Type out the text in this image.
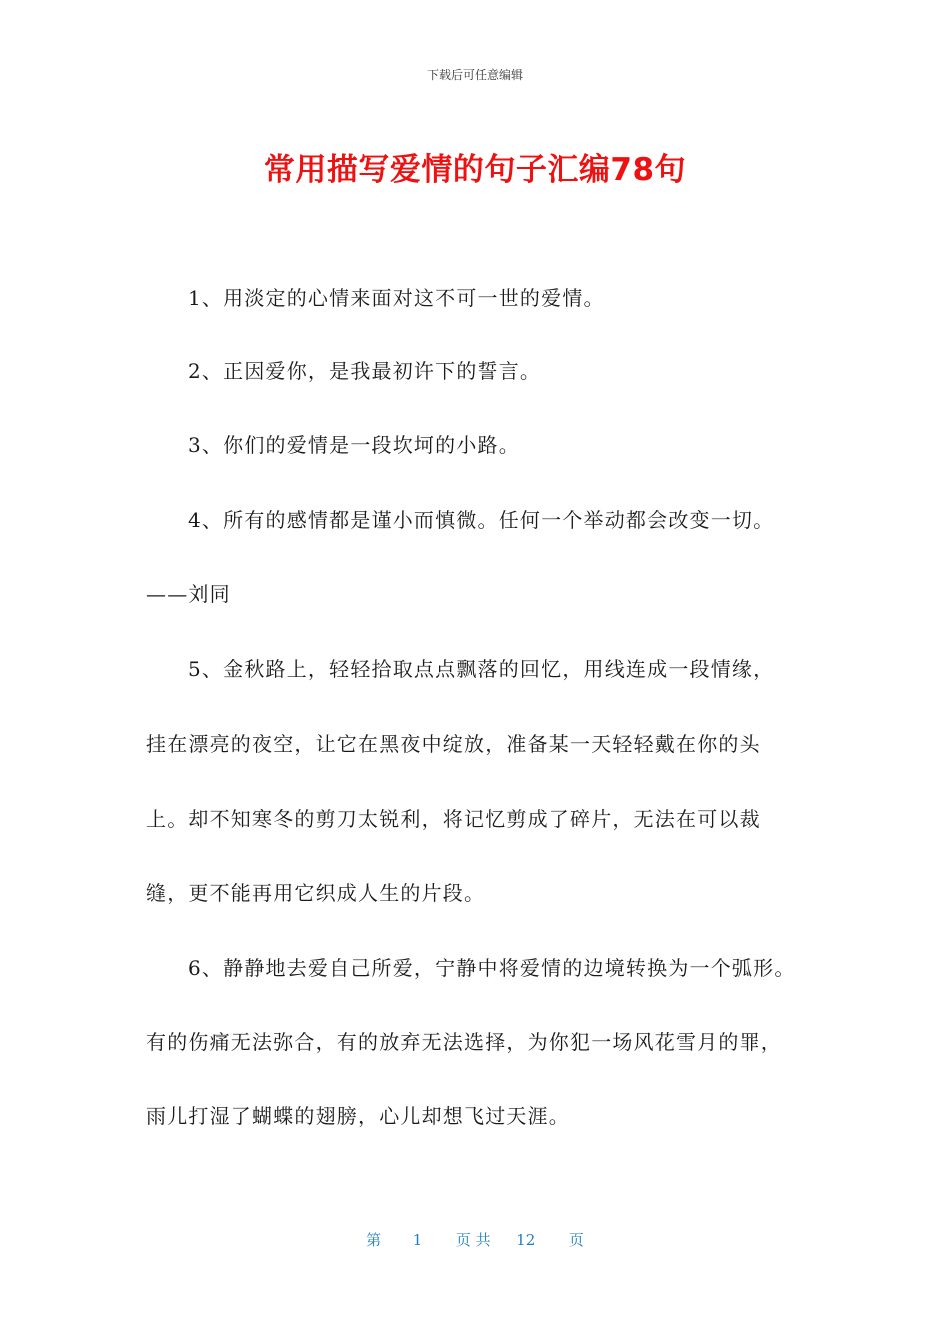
下载后可任意编辑
常用描写爱情的句子汇编78句
1、用淡定的心情来面对这不可一世的爱情。
2、正因爱你，是我最初许下的誓言。
3、你们的爱情是一段坎坷的小路。
4、所有的感情都是谨小而慎微。任何一个举动都会改变一切。
——刘同
5、金秋路上，轻轻拾取点点飘落的回忆，用线连成一段情缘，
挂在漂亮的夜空，让它在黑夜中绽放，准备某一天轻轻戴在你的头
上。却不知寒冬的剪刀太锐利，将记忆剪成了碎片，无法在可以裁
缝，更不能再用它织成人生的片段。
6、静静地去爱自己所爱，宁静中将爱情的边境转换为一个弧形。
有的伤痛无法弥合，有的放弃无法选择，为你犯一场风花雪月的罪，
雨儿打湿了蝴蝶的翅膀，心儿却想飞过天涯。
第 1 页 共 12 页
